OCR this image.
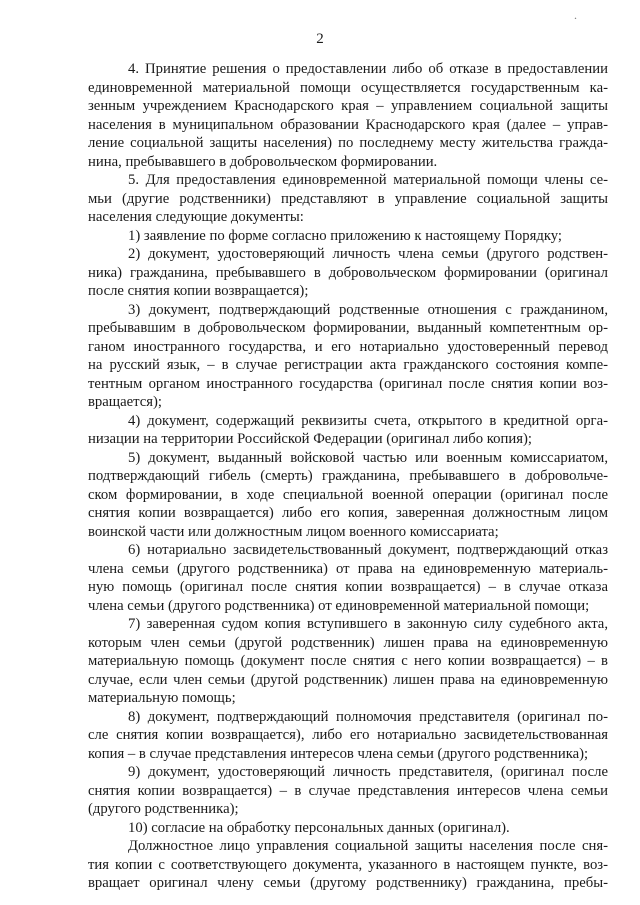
.
2
4. Принятие решения о предоставлении либо об отказе в предоставлении
единовременной материальной помощи осуществляется государственным ка-
зенным учреждением Краснодарского края – управлением социальной защиты
населения в муниципальном образовании Краснодарского края (далее – управ-
ление социальной защиты населения) по последнему месту жительства гражда-
нина, пребывавшего в добровольческом формировании.
5. Для предоставления единовременной материальной помощи члены се-
мьи (другие родственники) представляют в управление социальной защиты
населения следующие документы:
1) заявление по форме согласно приложению к настоящему Порядку;
2) документ, удостоверяющий личность члена семьи (другого родствен-
ника) гражданина, пребывавшего в добровольческом формировании (оригинал
после снятия копии возвращается);
3) документ, подтверждающий родственные отношения с гражданином,
пребывавшим в добровольческом формировании, выданный компетентным ор-
ганом иностранного государства, и его нотариально удостоверенный перевод
на русский язык, – в случае регистрации акта гражданского состояния компе-
тентным органом иностранного государства (оригинал после снятия копии воз-
вращается);
4) документ, содержащий реквизиты счета, открытого в кредитной орга-
низации на территории Российской Федерации (оригинал либо копия);
5) документ, выданный войсковой частью или военным комиссариатом,
подтверждающий гибель (смерть) гражданина, пребывавшего в добровольче-
ском формировании, в ходе специальной военной операции (оригинал после
снятия копии возвращается) либо его копия, заверенная должностным лицом
воинской части или должностным лицом военного комиссариата;
6) нотариально засвидетельствованный документ, подтверждающий отказ
члена семьи (другого родственника) от права на единовременную материаль-
ную помощь (оригинал после снятия копии возвращается) – в случае отказа
члена семьи (другого родственника) от единовременной материальной помощи;
7) заверенная судом копия вступившего в законную силу судебного акта,
которым член семьи (другой родственник) лишен права на единовременную
материальную помощь (документ после снятия с него копии возвращается) – в
случае, если член семьи (другой родственник) лишен права на единовременную
материальную помощь;
8) документ, подтверждающий полномочия представителя (оригинал по-
сле снятия копии возвращается), либо его нотариально засвидетельствованная
копия – в случае представления интересов члена семьи (другого родственника);
9) документ, удостоверяющий личность представителя, (оригинал после
снятия копии возвращается) – в случае представления интересов члена семьи
(другого родственника);
10) согласие на обработку персональных данных (оригинал).
Должностное лицо управления социальной защиты населения после сня-
тия копии с соответствующего документа, указанного в настоящем пункте, воз-
вращает оригинал члену семьи (другому родственнику) гражданина, пребы-
